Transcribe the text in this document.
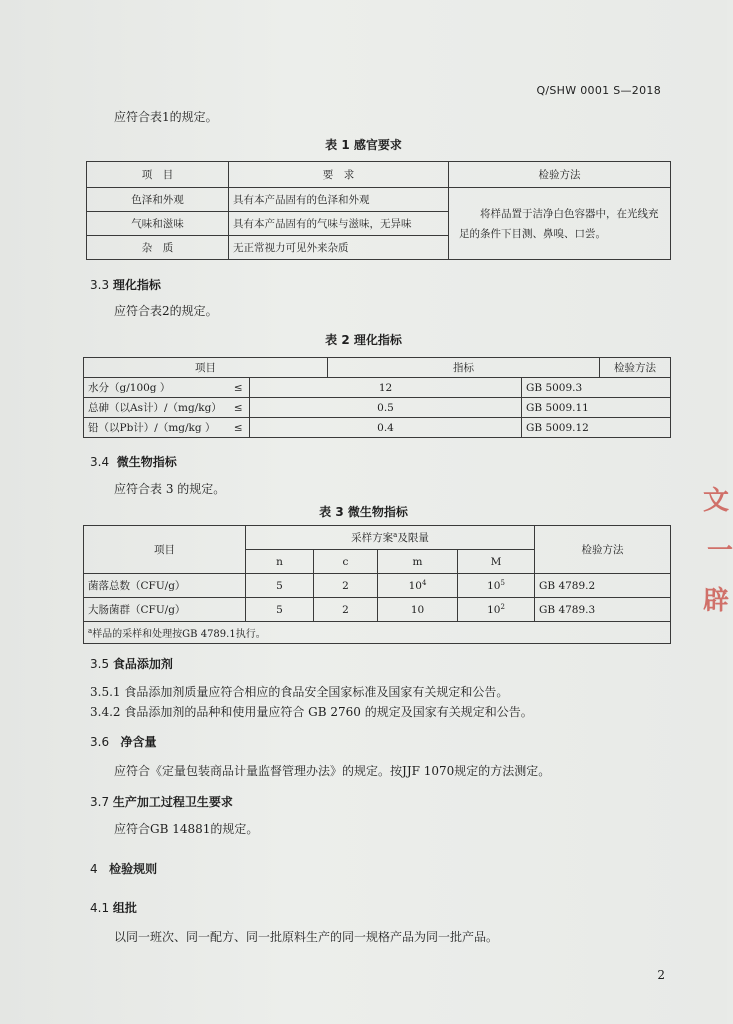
Q/SHW 0001 S—2018
应符合表1的规定。
表 1 感官要求
项　目	要　求	检验方法
色泽和外观	具有本产品固有的色泽和外观	将样品置于洁净白色容器中，在光线充
足的条件下目测、鼻嗅、口尝。

气味和滋味	具有本产品固有的气味与滋味，无异味	
杂　质	无正常视力可见外来杂质	
3.3 理化指标
应符合表2的规定。
表 2 理化指标
项目	指标	检验方法
水分（g/100g ）	≤	12	GB 5009.3
总砷（以As计）/（mg/kg）	≤	0.5	GB 5009.11
铅（以Pb计）/（mg/kg ）	≤	0.4	GB 5009.12
3.4 微生物指标
应符合表 3 的规定。
表 3 微生物指标
项目	采样方案$^a$及限量				检验方法
	n	c	m	M	
菌落总数（CFU/g）	5	2	$10^4$	$10^5$	GB 4789.2
大肠菌群（CFU/g）	5	2	10	$10^2$	GB 4789.3
$^a$样品的采样和处理按GB 4789.1执行。					
3.5 食品添加剂
3.5.1 食品添加剂质量应符合相应的食品安全国家标准及国家有关规定和公告。
3.4.2 食品添加剂的品种和使用量应符合 GB 2760 的规定及国家有关规定和公告。
3.6 净含量
应符合《定量包装商品计量监督管理办法》的规定。按JJF 1070规定的方法测定。
3.7 生产加工过程卫生要求
应符合GB 14881的规定。
4 检验规则
4.1 组批
以同一班次、同一配方、同一批原料生产的同一规格产品为同一批产品。
2
文
一
辟
